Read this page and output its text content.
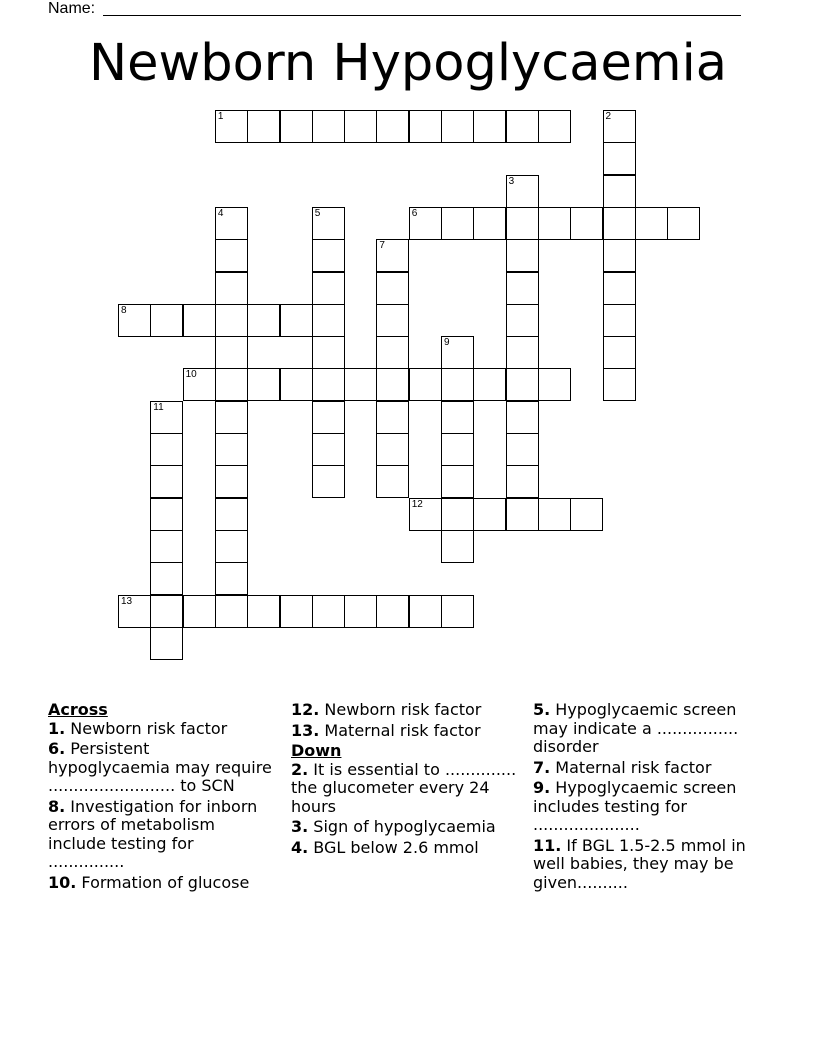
Name:
Newborn Hypoglycaemia
1	2
3
4	5	6
7
8
9
10
11
12
13

Across

1. Newborn risk factor

6. Persistent hypoglycaemia may require ......................... to SCN

8. Investigation for inborn errors of metabolism include testing for ...............

10. Formation of glucose

12. Newborn risk factor

13. Maternal risk factor

Down

2. It is essential to .............. the glucometer every 24 hours

3. Sign of hypoglycaemia

4. BGL below 2.6 mmol

5. Hypoglycaemic screen may indicate a ................ disorder

7. Maternal risk factor

9. Hypoglycaemic screen includes testing for .....................

11. If BGL 1.5-2.5 mmol in well babies, they may be given..........
